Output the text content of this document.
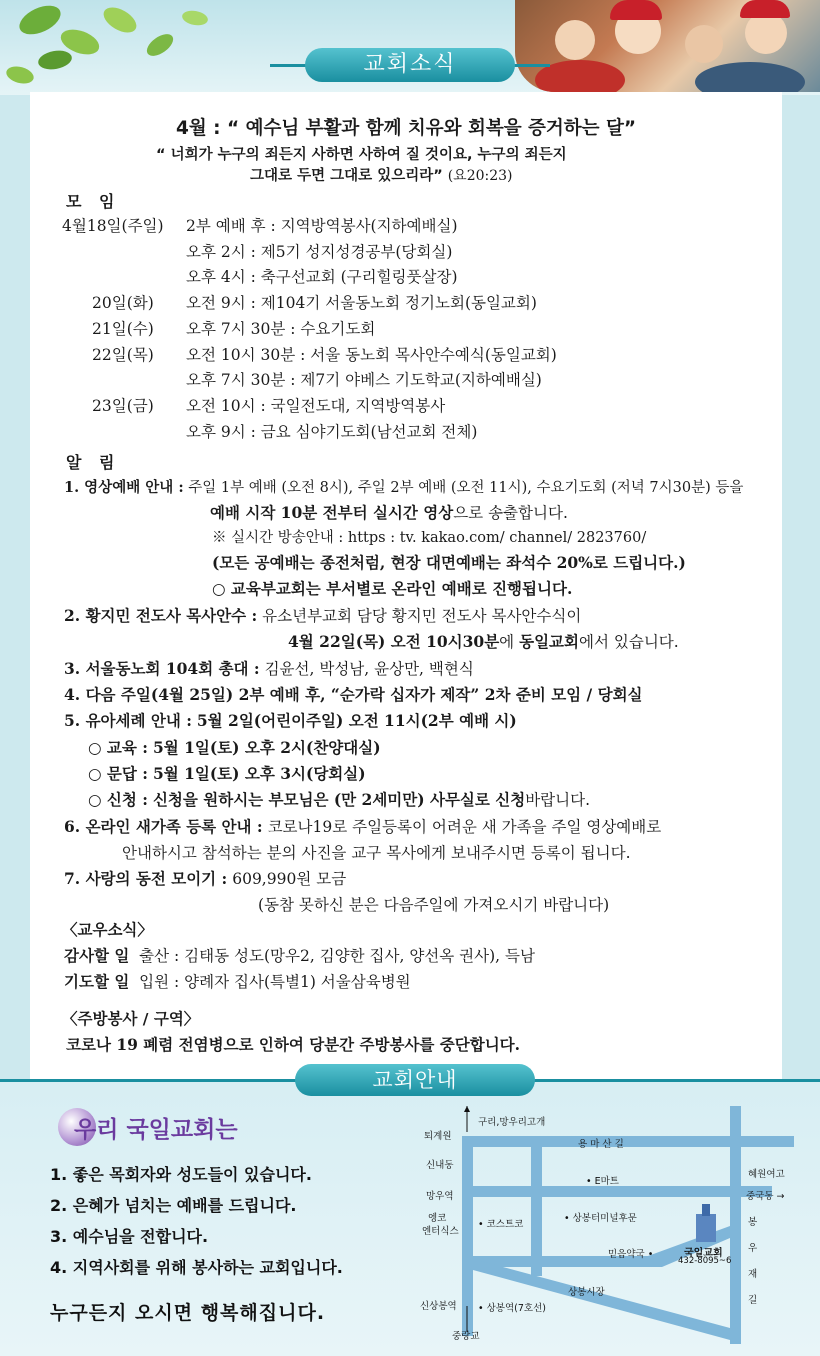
교회소식
4월 : “ 예수님 부활과 함께 치유와 회복을 증거하는 달”
“ 너희가 누구의 죄든지 사하면 사하여 질 것이요, 누구의 죄든지
그대로 두면 그대로 있으리라” (요20:23)
모 임
4월18일(주일) 2부 예배 후 : 지역방역봉사(지하예배실)
오후 2시 : 제5기 성지성경공부(당회실)
오후 4시 : 축구선교회 (구리힐링풋살장)
20일(화) 오전 9시 : 제104기 서울동노회 정기노회(동일교회)
21일(수) 오후 7시 30분 : 수요기도회
22일(목) 오전 10시 30분 : 서울 동노회 목사안수예식(동일교회)
오후 7시 30분 : 제7기 야베스 기도학교(지하예배실)
23일(금) 오전 10시 : 국일전도대, 지역방역봉사
오후 9시 : 금요 심야기도회(남선교회 전체)
알 림
1. 영상예배 안내 : 주일 1부 예배 (오전 8시), 주일 2부 예배 (오전 11시), 수요기도회 (저녁 7시30분) 등을
예배 시작 10분 전부터 실시간 영상으로 송출합니다.
※ 실시간 방송안내 : https : tv. kakao.com/ channel/ 2823760/
(모든 공예배는 종전처럼, 현장 대면예배는 좌석수 20%로 드립니다.)
○ 교육부교회는 부서별로 온라인 예배로 진행됩니다.
2. 황지민 전도사 목사안수 : 유소년부교회 담당 황지민 전도사 목사안수식이
4월 22일(목) 오전 10시30분에 동일교회에서 있습니다.
3. 서울동노회 104회 총대 : 김윤선, 박성남, 윤상만, 백현식
4. 다음 주일(4월 25일) 2부 예배 후, “순가락 십자가 제작” 2차 준비 모임 / 당회실
5. 유아세례 안내 : 5월 2일(어린이주일) 오전 11시(2부 예배 시)
○ 교육 : 5월 1일(토) 오후 2시(찬양대실)
○ 문답 : 5월 1일(토) 오후 3시(당회실)
○ 신청 : 신청을 원하시는 부모님은 (만 2세미만) 사무실로 신청바랍니다.
6. 온라인 새가족 등록 안내 : 코로나19로 주일등록이 어려운 새 가족을 주일 영상예배로
안내하시고 참석하는 분의 사진을 교구 목사에게 보내주시면 등록이 됩니다.
7. 사랑의 동전 모이기 : 609,990원 모금
(동참 못하신 분은 다음주일에 가져오시기 바랍니다)
〈교우소식〉
감사할 일 출산 : 김태동 성도(망우2, 김양한 집사, 양선옥 권사), 득남
기도할 일 입원 : 양례자 집사(특별1) 서울삼육병원
〈주방봉사 / 구역〉
코로나 19 폐렴 전염병으로 인하여 당분간 주방봉사를 중단합니다.
교회안내
우리 국일교회는
1. 좋은 목회자와 성도들이 있습니다.
2. 은혜가 넘치는 예배를 드립니다.
3. 예수님을 전합니다.
4. 지역사회를 위해 봉사하는 교회입니다.
누구든지 오시면 행복해집니다.
구리,망우리고개
퇴계원
용 마 산 길
신내동
• E마트
혜원여고
중국동 →
망우역
엥코
엔터식스
• 코스트코
• 상봉터미널후문
믿음약국 •	국일교회
432-8095~6
봉
우
재
길
상봉시장
신상봉역 • 상봉역(7호선)
중랑교
